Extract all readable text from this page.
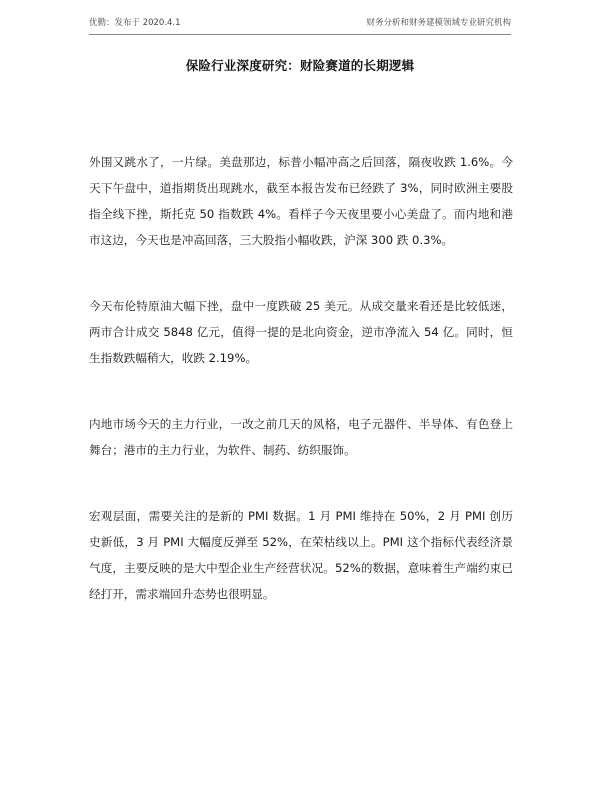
优勤：发布于 2020.4.1	财务分析和财务建模领域专业研究机构
保险行业深度研究：财险赛道的长期逻辑

外围又跳水了，一片绿。美盘那边，标普小幅冲高之后回落，隔夜收跌 1.6%。今天下午盘中，道指期货出现跳水，截至本报告发布已经跌了 3%，同时欧洲主要股指全线下挫，斯托克 50 指数跌 4%。看样子今天夜里要小心美盘了。而内地和港市这边，今天也是冲高回落，三大股指小幅收跌，沪深 300 跌 0.3%。

今天布伦特原油大幅下挫，盘中一度跌破 25 美元。从成交量来看还是比较低迷，两市合计成交 5848 亿元，值得一提的是北向资金，逆市净流入 54 亿。同时，恒生指数跌幅稍大，收跌 2.19%。

内地市场今天的主力行业，一改之前几天的风格，电子元器件、半导体、有色登上舞台；港市的主力行业，为软件、制药、纺织服饰。

宏观层面，需要关注的是新的 PMI 数据。1 月 PMI 维持在 50%，2 月 PMI 创历史新低，3 月 PMI 大幅度反弹至 52%，在荣枯线以上。PMI 这个指标代表经济景气度，主要反映的是大中型企业生产经营状况。52%的数据，意味着生产端约束已经打开，需求端回升态势也很明显。
